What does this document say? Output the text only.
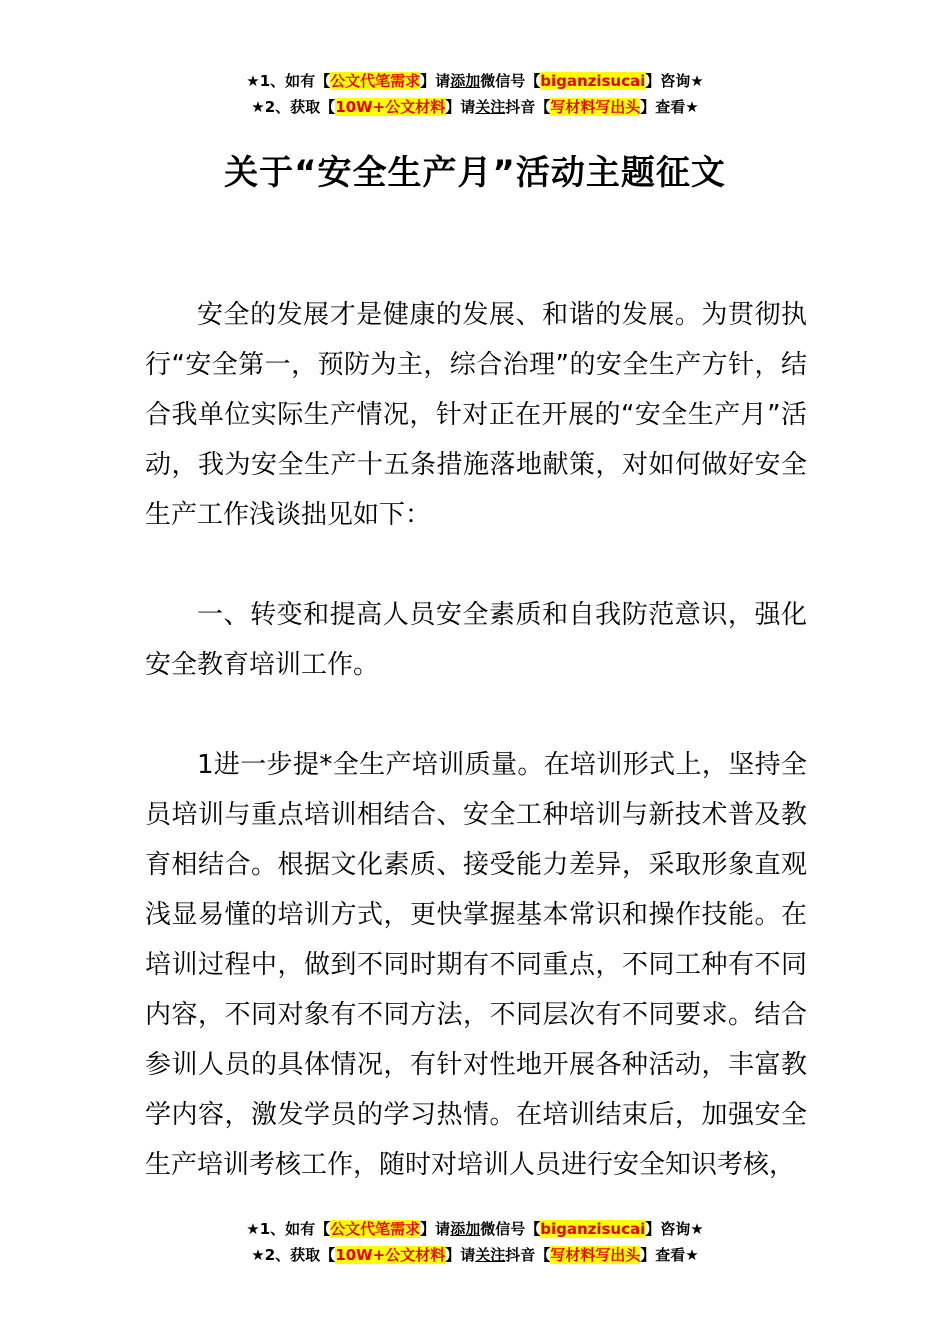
★1、如有【公文代笔需求】请添加微信号【biganzisucai】咨询★
★2、获取【10W+公文材料】请关注抖音【写材料写出头】查看★
关于“安全生产月”活动主题征文

安全的发展才是健康的发展、和谐的发展。为贯彻执行“安全第一，预防为主，综合治理”的安全生产方针，结合我单位实际生产情况，针对正在开展的“安全生产月”活动，我为安全生产十五条措施落地献策，对如何做好安全生产工作浅谈拙见如下：

一、转变和提高人员安全素质和自我防范意识，强化安全教育培训工作。

1进一步提*全生产培训质量。在培训形式上，坚持全员培训与重点培训相结合、安全工种培训与新技术普及教育相结合。根据文化素质、接受能力差异，采取形象直观浅显易懂的培训方式，更快掌握基本常识和操作技能。在培训过程中，做到不同时期有不同重点，不同工种有不同内容，不同对象有不同方法，不同层次有不同要求。结合参训人员的具体情况，有针对性地开展各种活动，丰富教学内容，激发学员的学习热情。在培训结束后，加强安全生产培训考核工作，随时对培训人员进行安全知识考核，

★1、如有【公文代笔需求】请添加微信号【biganzisucai】咨询★
★2、获取【10W+公文材料】请关注抖音【写材料写出头】查看★
